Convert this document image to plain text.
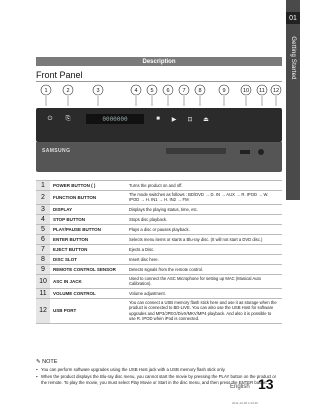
01
Getting Started
Description
Front Panel
1	2	3	4 5 6 7 8	9	10 11 12
SAMSUNG
0000000
⏻ ⎘	■	▶ ⊡ ⏏
1	POWER BUTTON ( )	Turns the product on and off.
2	FUNCTION BUTTON	The mode switches as follows : BD/DVD → D. IN → AUX → R. IPOD → W. IPOD → H. IN1 → H. IN2 → FM
3	DISPLAY	Displays the playing status, time, etc.
4	STOP BUTTON	Stops disc playback.
5	PLAY/PAUSE BUTTON	Plays a disc or pauses playback.
6	ENTER BUTTON	Selects menu items or starts a Blu-ray disc. (It will not start a DVD disc.)
7	EJECT BUTTON	Ejects a Disc.
8	DISC SLOT	Insert disc here.
9	REMOTE CONTROL SENSOR	Detects signals from the remote control.
10	ASC IN JACK	Used to connect the ASC Microphone for setting up MAC (Musical Auto Calibration).
11	VOLUME CONTROL	Volume adjustment.
12	USB PORT	You can connect a USB memory flash stick here and use it as storage when the product is connected to BD-LIVE. You can also use the USB Host for software upgrades and MP3/JPEG/DivX/MKV/MP4 playback. And also it is possible to use R. IPOD when iPod is connected.
✎ NOTE
▪ You can perform software upgrades using the USB Host jack with a USB memory flash stick only.
▪ When the product displays the Blu-ray disc menu, you cannot start the movie by pressing the PLAY button on the product or the remote. To play the movie, you must select Play Movie or Start in the disc menu, and then press the ENTER button.
English 13
2011-12-28 1:23:20
